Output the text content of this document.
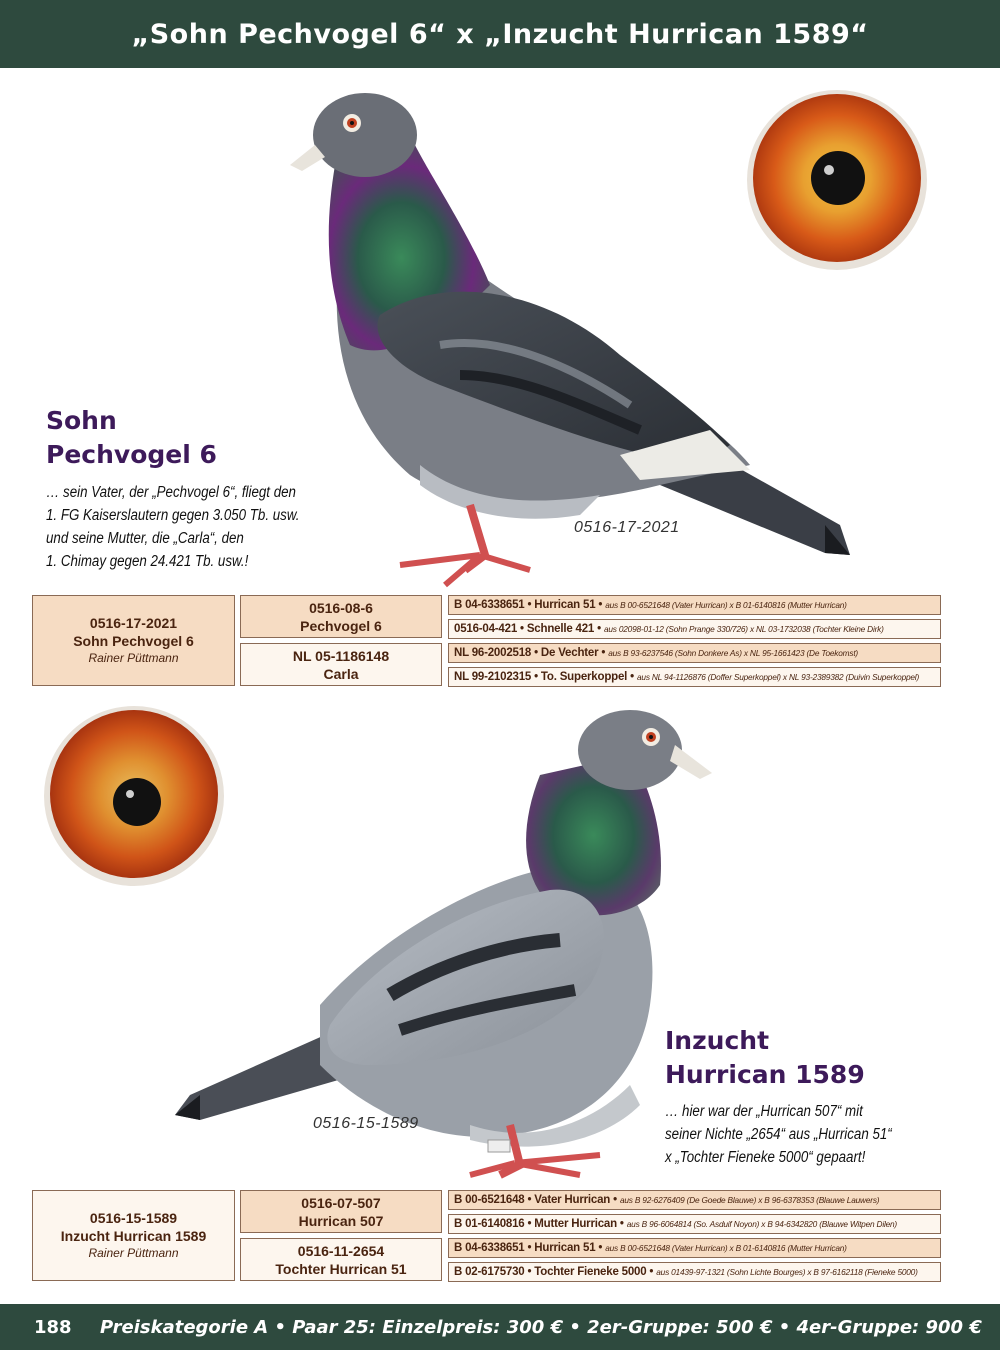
„Sohn Pechvogel 6“ x „Inzucht Hurrican 1589“
Sohn
Pechvogel 6
… sein Vater, der „Pechvogel 6“, fliegt den
1. FG Kaiserslautern gegen 3.050 Tb. usw.
und seine Mutter, die „Carla“, den
1. Chimay gegen 24.421 Tb. usw.!
0516-17-2021
0516-17-2021
Sohn Pechvogel 6
Rainer Püttmann
0516-08-6
Pechvogel 6
NL 05-1186148
Carla
B 04-6338651 • Hurrican 51 • aus B 00-6521648 (Vater Hurrican) x B 01-6140816 (Mutter Hurrican)
0516-04-421 • Schnelle 421 • aus 02098-01-12 (Sohn Prange 330/726) x NL 03-1732038 (Tochter Kleine Dirk)
NL 96-2002518 • De Vechter • aus B 93-6237546 (Sohn Donkere As) x NL 95-1661423 (De Toekomst)
NL 99-2102315 • To. Superkoppel • aus NL 94-1126876 (Doffer Superkoppel) x NL 93-2389382 (Duivin Superkoppel)
Inzucht
Hurrican 1589
… hier war der „Hurrican 507“ mit
seiner Nichte „2654“ aus „Hurrican 51“
x „Tochter Fieneke 5000“ gepaart!
0516-15-1589
0516-15-1589
Inzucht Hurrican 1589
Rainer Püttmann
0516-07-507
Hurrican 507
0516-11-2654
Tochter Hurrican 51
B 00-6521648 • Vater Hurrican • aus B 92-6276409 (De Goede Blauwe) x B 96-6378353 (Blauwe Lauwers)
B 01-6140816 • Mutter Hurrican • aus B 96-6064814 (So. Asduif Noyon) x B 94-6342820 (Blauwe Witpen Dilen)
B 04-6338651 • Hurrican 51 • aus B 00-6521648 (Vater Hurrican) x B 01-6140816 (Mutter Hurrican)
B 02-6175730 • Tochter Fieneke 5000 • aus 01439-97-1321 (Sohn Lichte Bourges) x B 97-6162118 (Fieneke 5000)
188	Preiskategorie A • Paar 25: Einzelpreis: 300 € • 2er-Gruppe: 500 € • 4er-Gruppe: 900 €
